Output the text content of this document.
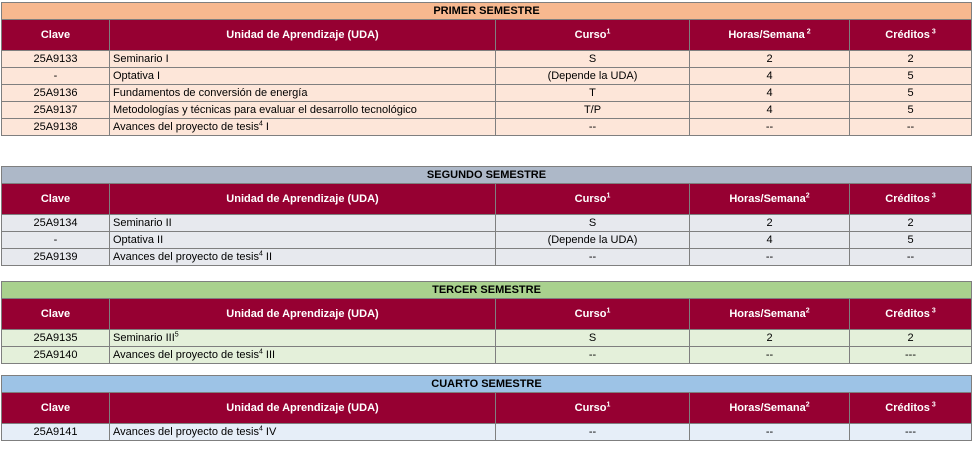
PRIMER SEMESTRE				
Clave	Unidad de Aprendizaje (UDA)	Curso$^1$	Horas/Semana $^2$	Créditos $^3$
25A9133	Seminario I	S	2	2
-	Optativa I	(Depende la UDA)	4	5
25A9136	Fundamentos de conversión de energía	T	4	5
25A9137	Metodologías y técnicas para evaluar el desarrollo tecnológico	T/P	4	5
25A9138	Avances del proyecto de tesis$^4$ I	--	--	--
SEGUNDO SEMESTRE				
Clave	Unidad de Aprendizaje (UDA)	Curso$^1$	Horas/Semana$^2$	Créditos $^3$
25A9134	Seminario II	S	2	2
-	Optativa II	(Depende la UDA)	4	5
25A9139	Avances del proyecto de tesis$^4$ II	--	--	--
TERCER SEMESTRE				
Clave	Unidad de Aprendizaje (UDA)	Curso$^1$	Horas/Semana$^2$	Créditos $^3$
25A9135	Seminario III$^5$	S	2	2
25A9140	Avances del proyecto de tesis$^4$ III	--	--	---
CUARTO SEMESTRE				
Clave	Unidad de Aprendizaje (UDA)	Curso$^1$	Horas/Semana$^2$	Créditos $^3$
25A9141	Avances del proyecto de tesis$^4$ IV	--	--	---
